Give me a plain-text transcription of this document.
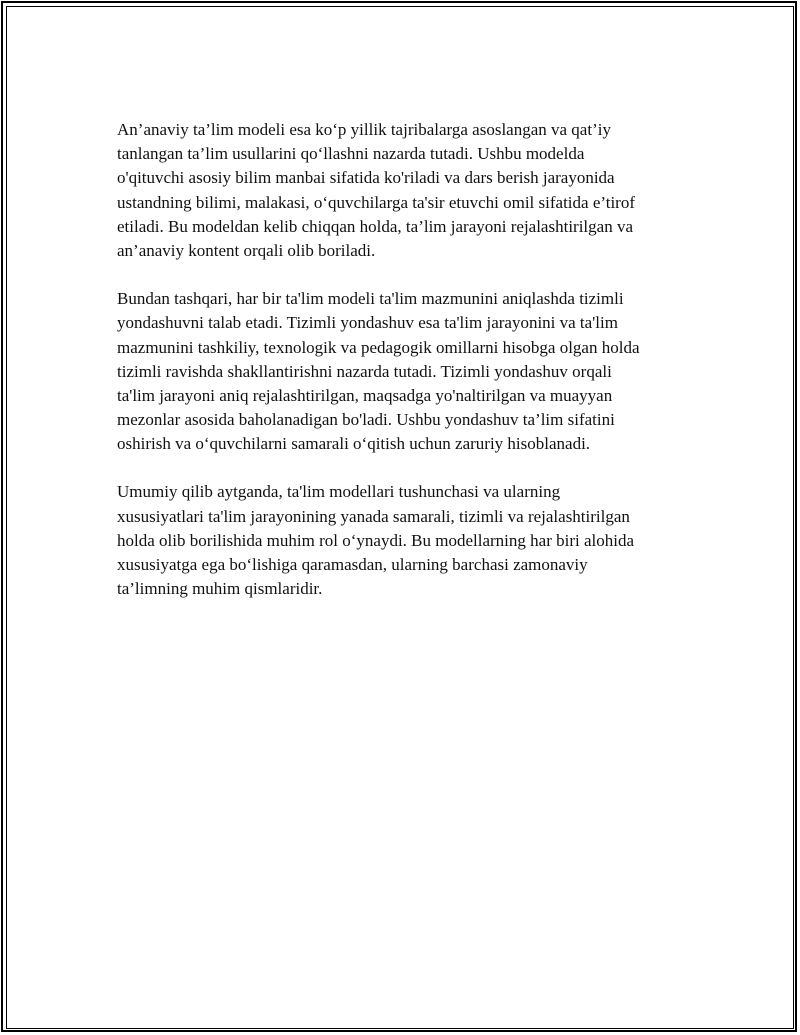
An’anaviy ta’lim modeli esa ko‘p yillik tajribalarga asoslangan va qat’iy
tanlangan ta’lim usullarini qo‘llashni nazarda tutadi. Ushbu modelda
o'qituvchi asosiy bilim manbai sifatida ko'riladi va dars berish jarayonida
ustandning bilimi, malakasi, o‘quvchilarga ta'sir etuvchi omil sifatida e’tirof
etiladi. Bu modeldan kelib chiqqan holda, ta’lim jarayoni rejalashtirilgan va
an’anaviy kontent orqali olib boriladi.

Bundan tashqari, har bir ta'lim modeli ta'lim mazmunini aniqlashda tizimli
yondashuvni talab etadi. Tizimli yondashuv esa ta'lim jarayonini va ta'lim
mazmunini tashkiliy, texnologik va pedagogik omillarni hisobga olgan holda
tizimli ravishda shakllantirishni nazarda tutadi. Tizimli yondashuv orqali
ta'lim jarayoni aniq rejalashtirilgan, maqsadga yo'naltirilgan va muayyan
mezonlar asosida baholanadigan bo'ladi. Ushbu yondashuv ta’lim sifatini
oshirish va o‘quvchilarni samarali o‘qitish uchun zaruriy hisoblanadi.

Umumiy qilib aytganda, ta'lim modellari tushunchasi va ularning
xususiyatlari ta'lim jarayonining yanada samarali, tizimli va rejalashtirilgan
holda olib borilishida muhim rol o‘ynaydi. Bu modellarning har biri alohida
xususiyatga ega bo‘lishiga qaramasdan, ularning barchasi zamonaviy
ta’limning muhim qismlaridir.
